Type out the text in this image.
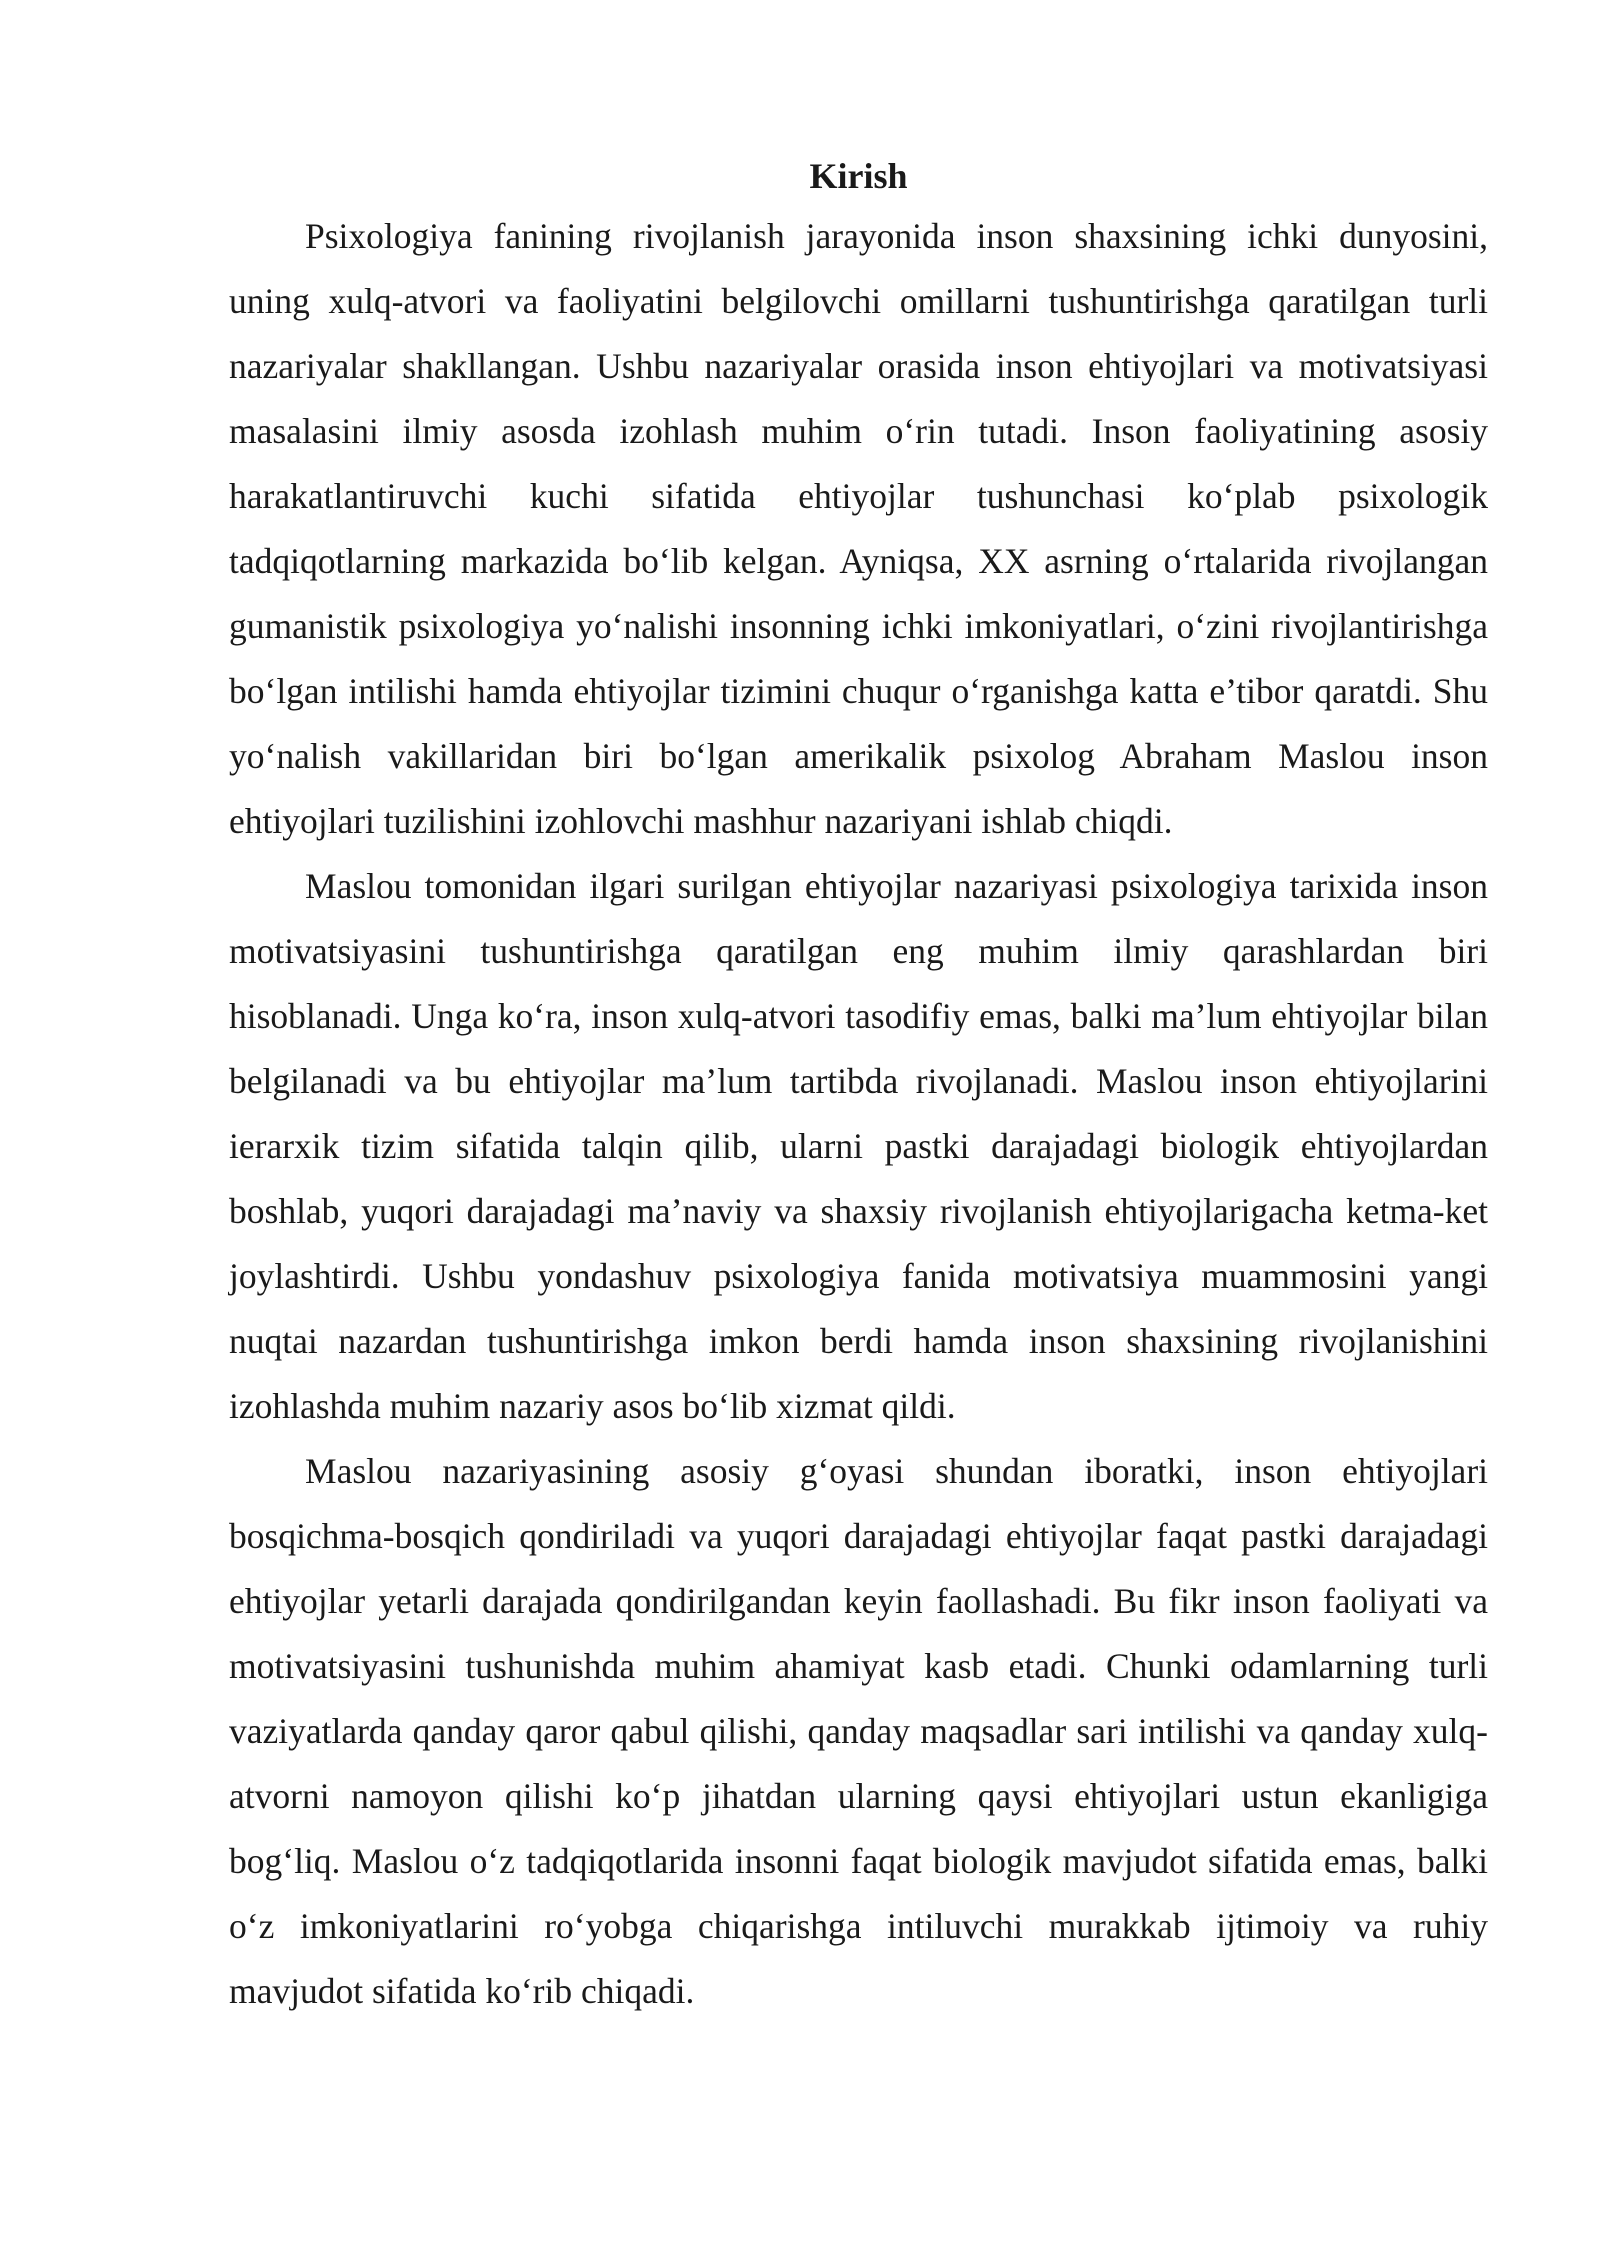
Kirish

Psixologiya fanining rivojlanish jarayonida inson shaxsining ichki dunyosini, uning xulq-atvori va faoliyatini belgilovchi omillarni tushuntirishga qaratilgan turli nazariyalar shakllangan. Ushbu nazariyalar orasida inson ehtiyojlari va motivatsiyasi masalasini ilmiy asosda izohlash muhim o‘rin tutadi. Inson faoliyatining asosiy harakatlantiruvchi kuchi sifatida ehtiyojlar tushunchasi ko‘plab psixologik tadqiqotlarning markazida bo‘lib kelgan. Ayniqsa, XX asrning o‘rtalarida rivojlangan gumanistik psixologiya yo‘nalishi insonning ichki imkoniyatlari, o‘zini rivojlantirishga bo‘lgan intilishi hamda ehtiyojlar tizimini chuqur o‘rganishga katta e’tibor qaratdi. Shu yo‘nalish vakillaridan biri bo‘lgan amerikalik psixolog Abraham Maslou inson ehtiyojlari tuzilishini izohlovchi mashhur nazariyani ishlab chiqdi.

Maslou tomonidan ilgari surilgan ehtiyojlar nazariyasi psixologiya tarixida inson motivatsiyasini tushuntirishga qaratilgan eng muhim ilmiy qarashlardan biri hisoblanadi. Unga ko‘ra, inson xulq-atvori tasodifiy emas, balki ma’lum ehtiyojlar bilan belgilanadi va bu ehtiyojlar ma’lum tartibda rivojlanadi. Maslou inson ehtiyojlarini ierarxik tizim sifatida talqin qilib, ularni pastki darajadagi biologik ehtiyojlardan boshlab, yuqori darajadagi ma’naviy va shaxsiy rivojlanish ehtiyojlarigacha ketma-ket joylashtirdi. Ushbu yondashuv psixologiya fanida motivatsiya muammosini yangi nuqtai nazardan tushuntirishga imkon berdi hamda inson shaxsining rivojlanishini izohlashda muhim nazariy asos bo‘lib xizmat qildi.

Maslou nazariyasining asosiy g‘oyasi shundan iboratki, inson ehtiyojlari bosqichma-bosqich qondiriladi va yuqori darajadagi ehtiyojlar faqat pastki darajadagi ehtiyojlar yetarli darajada qondirilgandan keyin faollashadi. Bu fikr inson faoliyati va motivatsiyasini tushunishda muhim ahamiyat kasb etadi. Chunki odamlarning turli vaziyatlarda qanday qaror qabul qilishi, qanday maqsadlar sari intilishi va qanday xulq-atvorni namoyon qilishi ko‘p jihatdan ularning qaysi ehtiyojlari ustun ekanligiga bog‘liq. Maslou o‘z tadqiqotlarida insonni faqat biologik mavjudot sifatida emas, balki o‘z imkoniyatlarini ro‘yobga chiqarishga intiluvchi murakkab ijtimoiy va ruhiy mavjudot sifatida ko‘rib chiqadi.
